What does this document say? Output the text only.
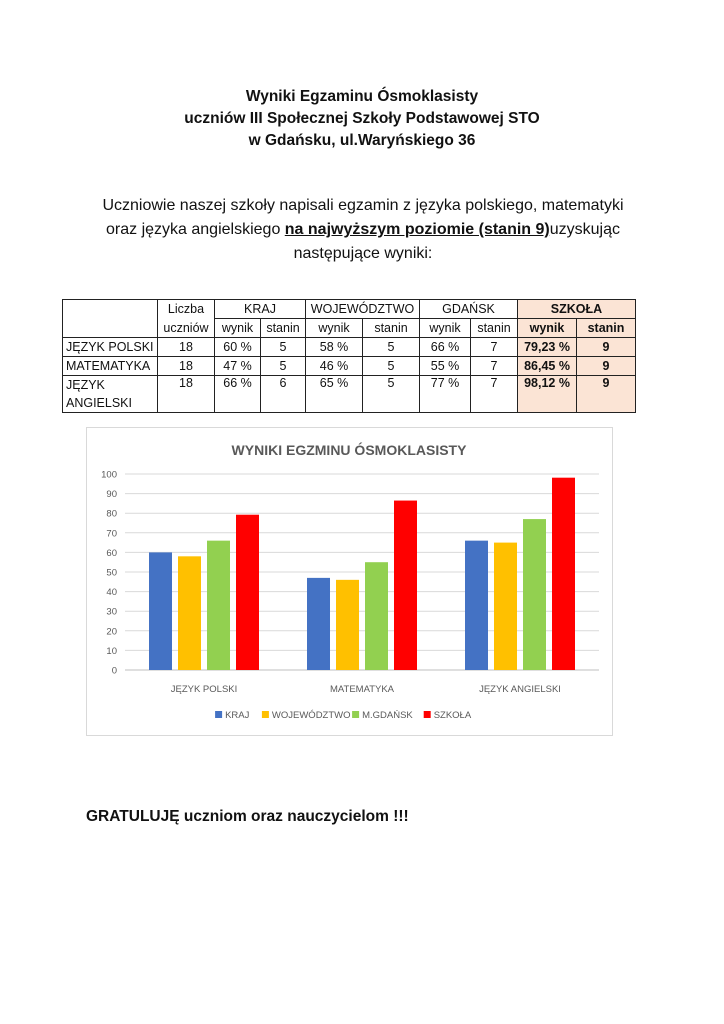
Wyniki Egzaminu Ósmoklasisty
uczniów III Społecznej Szkoły Podstawowej STO
w Gdańsku, ul.Waryńskiego 36
Uczniowie naszej szkoły napisali egzamin z języka polskiego, matematyki oraz języka angielskiego na najwyższym poziomie (stanin 9)uzyskując następujące wyniki:
	Liczba	KRAJ		WOJEWÓDZTWO		GDAŃSK		SZKOŁA	
	uczniów	wynik	stanin	wynik	stanin	wynik	stanin	wynik	stanin
JĘZYK POLSKI	18	60 %	5	58 %	5	66 %	7	79,23 %	9
MATEMATYKA	18	47 %	5	46 %	5	55 %	7	86,45 %	9
JĘZYK	18	66 %	6	65 %	5	77 %	7	98,12 %	9
ANGIELSKI									
WYNIKI EGZMINU ÓSMOKLASISTY
0
10
20
30
40
50
60
70
80
90
100
JĘZYK POLSKI	MATEMATYKA	JĘZYK ANGIELSKI
KRAJ WOJEWÓDZTWO M.GDAŃSK SZKOŁA
GRATULUJĘ uczniom oraz nauczycielom !!!
